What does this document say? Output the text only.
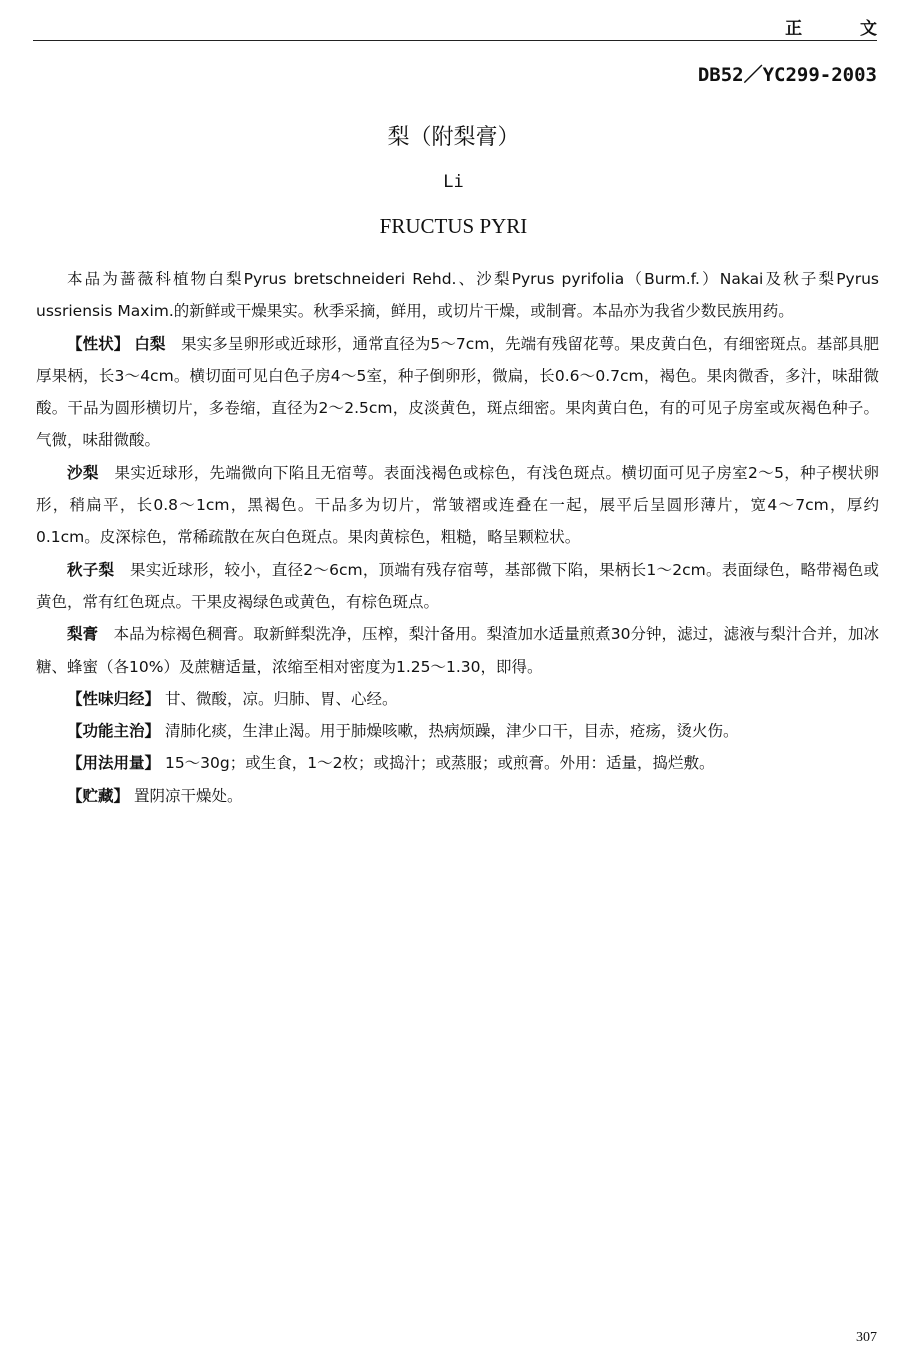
正 文
DB52／YC299-2003
梨（附梨膏）
Li
FRUCTUS PYRI

本品为蔷薇科植物白梨Pyrus bretschneideri Rehd.、沙梨Pyrus pyrifolia（Burm.f.）Nakai及秋子梨Pyrus ussriensis Maxim.的新鲜或干燥果实。秋季采摘，鲜用，或切片干燥，或制膏。本品亦为我省少数民族用药。

【性状】 白梨 果实多呈卵形或近球形，通常直径为5～7cm，先端有残留花萼。果皮黄白色，有细密斑点。基部具肥厚果柄，长3～4cm。横切面可见白色子房4～5室，种子倒卵形，微扁，长0.6～0.7cm，褐色。果肉微香，多汁，味甜微酸。干品为圆形横切片，多卷缩，直径为2～2.5cm，皮淡黄色，斑点细密。果肉黄白色，有的可见子房室或灰褐色种子。气微，味甜微酸。

沙梨 果实近球形，先端微向下陷且无宿萼。表面浅褐色或棕色，有浅色斑点。横切面可见子房室2～5，种子楔状卵形，稍扁平，长0.8～1cm，黑褐色。干品多为切片，常皱褶或连叠在一起，展平后呈圆形薄片，宽4～7cm，厚约0.1cm。皮深棕色，常稀疏散在灰白色斑点。果肉黄棕色，粗糙，略呈颗粒状。

秋子梨 果实近球形，较小，直径2～6cm，顶端有残存宿萼，基部微下陷，果柄长1～2cm。表面绿色，略带褐色或黄色，常有红色斑点。干果皮褐绿色或黄色，有棕色斑点。

梨膏 本品为棕褐色稠膏。取新鲜梨洗净，压榨，梨汁备用。梨渣加水适量煎煮30分钟，滤过，滤液与梨汁合并，加冰糖、蜂蜜（各10%）及蔗糖适量，浓缩至相对密度为1.25～1.30，即得。

【性味归经】 甘、微酸，凉。归肺、胃、心经。

【功能主治】 清肺化痰，生津止渴。用于肺燥咳嗽，热病烦躁，津少口干，目赤，疮疡，烫火伤。

【用法用量】 15～30g；或生食，1～2枚；或捣汁；或蒸服；或煎膏。外用：适量，捣烂敷。

【贮藏】 置阴凉干燥处。

307
